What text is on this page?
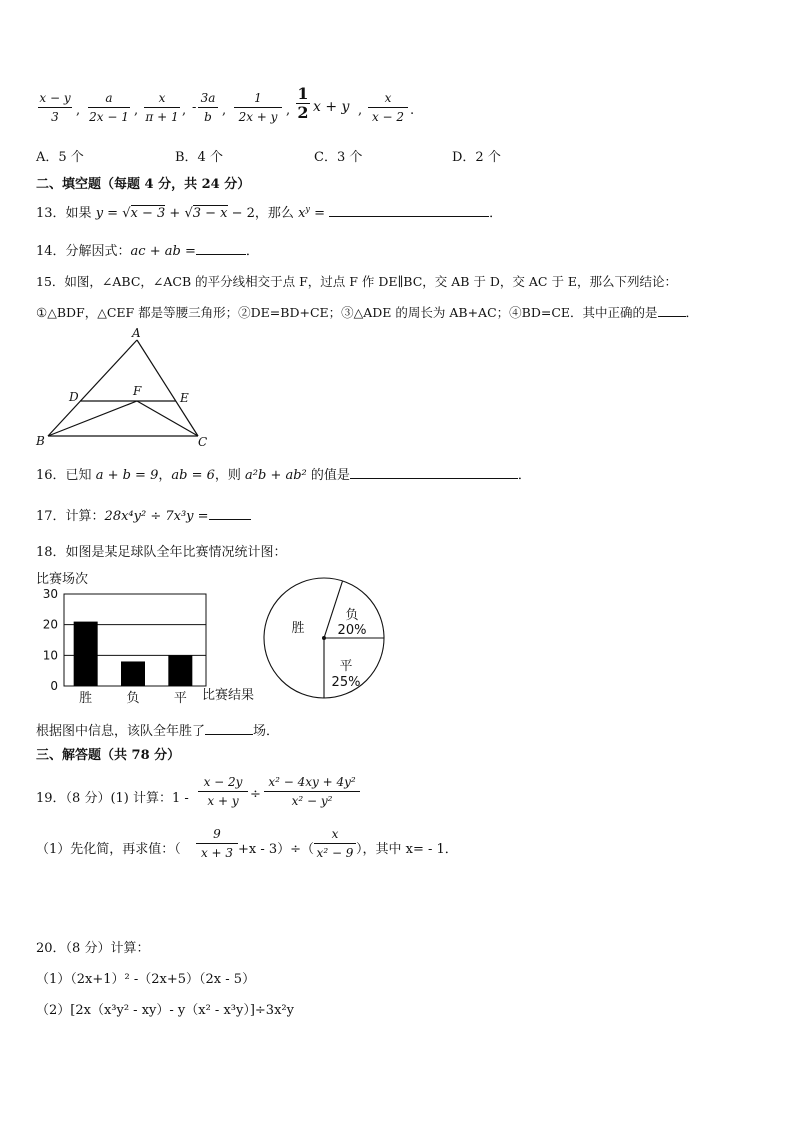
x − y
3	,
a
2x − 1 ,
x
π + 1 , -
3a
b ,
1
2x + y ,
1
2 x + y ,
x
x − 2 .
A．5 个	B．4 个	C．3 个	D．2 个
二、填空题（每题 4 分，共 24 分）
13．如果 y = √x − 3 + √3 − x − 2，那么 $x^y$ =	．
14．分解因式：ac + ab =	．
15．如图，∠ABC，∠ACB 的平分线相交于点 F，过点 F 作 DE∥BC，交 AB 于 D，交 AC 于 E，那么下列结论：
①△BDF，△CEF 都是等腰三角形；②DE=BD+CE；③△ADE 的周长为 AB+AC；④BD=CE．其中正确的是 ．
A
B	C
D	E
F
16．已知 a + b = 9，ab = 6，则 a²b + ab² 的值是	．
17．计算：28x⁴y² ÷ 7x³y =
18．如图是某足球队全年比赛情况统计图：
比赛场次
比赛结果
0
10
20
30
胜	负	平
胜
负
20%
平
25%
根据图中信息，该队全年胜了	场．
三、解答题（共 78 分）
19．（8 分）(1) 计算：1 -
x − 2y
x + y ÷
x² − 4xy + 4y²
x² − y²
（1）先化简，再求值：（
9
x + 3 +x - 3）÷（
x
x² − 9 ），其中 x= - 1．
20．（8 分）计算：
（1）（2x+1）² -（2x+5）（2x - 5）
（2）[2x（x³y² - xy）- y（x² - x³y）]÷3x²y
